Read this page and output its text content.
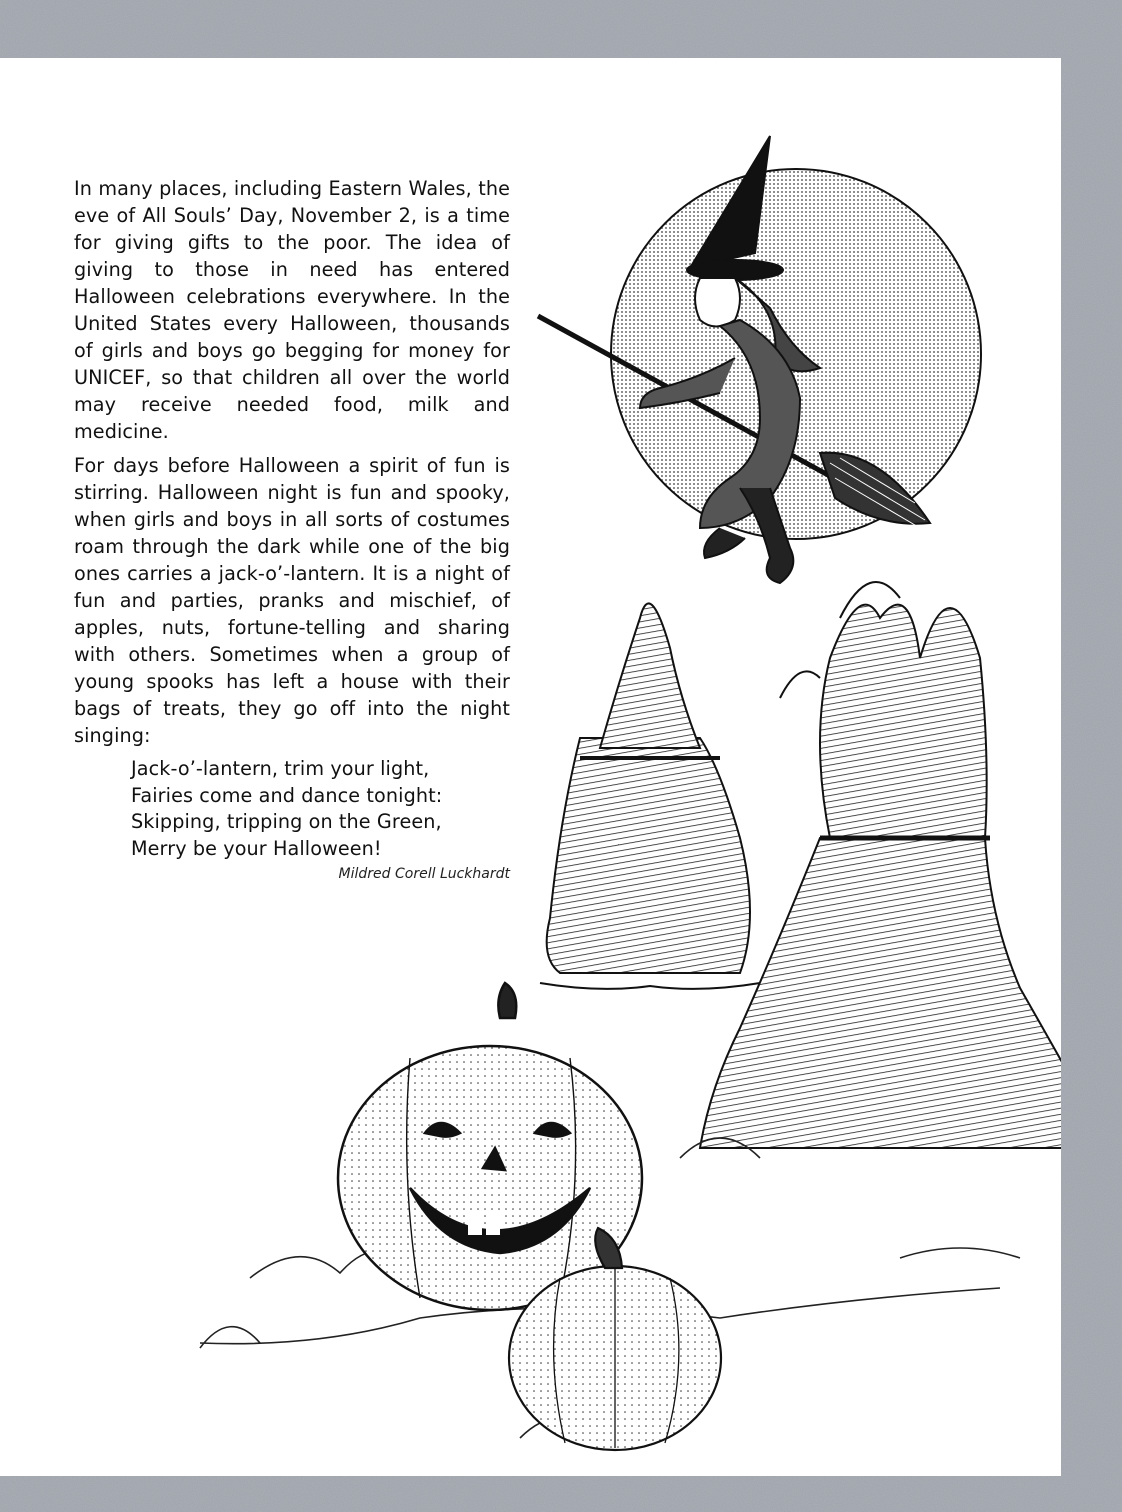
In many places, including Eastern Wales, the eve of All Souls’ Day, November 2, is a time for giving gifts to the poor. The idea of giving to those in need has entered Halloween celebrations everywhere. In the United States every Halloween, thousands of girls and boys go begging for money for UNICEF, so that children all over the world may receive needed food, milk and medicine.

For days before Halloween a spirit of fun is stirring. Halloween night is fun and spooky, when girls and boys in all sorts of costumes roam through the dark while one of the big ones carries a jack-o’-lantern. It is a night of fun and parties, pranks and mischief, of apples, nuts, fortune-telling and sharing with others. Sometimes when a group of young spooks has left a house with their bags of treats, they go off into the night singing:

Jack-o’-lantern, trim your light,
Fairies come and dance tonight:
Skipping, tripping on the Green,
Merry be your Halloween!
Mildred Corell Luckhardt
